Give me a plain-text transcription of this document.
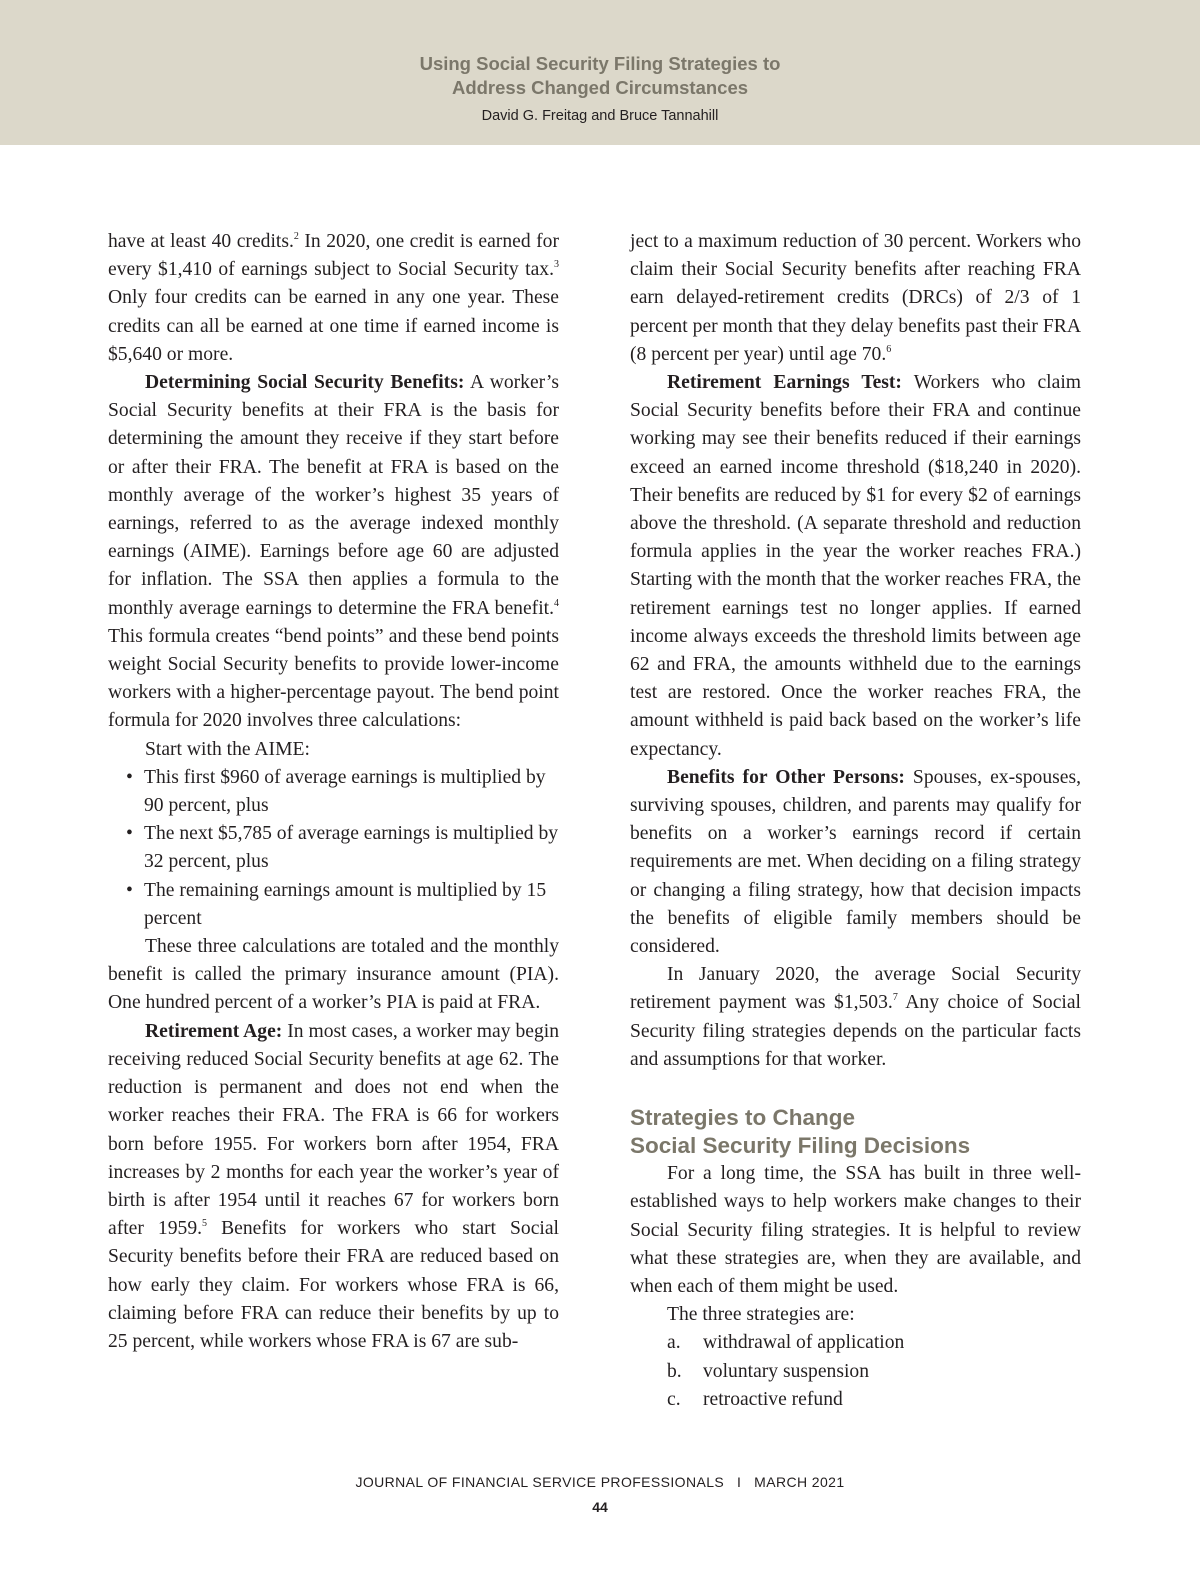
Using Social Security Filing Strategies to
Address Changed Circumstances
David G. Freitag and Bruce Tannahill

have at least 40 credits.$^2$ In 2020, one credit is earned for every $1,410 of earnings subject to Social Security tax.$^3$ Only four credits can be earned in any one year. These credits can all be earned at one time if earned income is $5,640 or more.

Determining Social Security Benefits: A worker’s Social Security benefits at their FRA is the basis for determining the amount they receive if they start before or after their FRA. The benefit at FRA is based on the monthly average of the worker’s highest 35 years of earnings, referred to as the average indexed monthly earnings (AIME). Earnings before age 60 are adjusted for inflation. The SSA then applies a formula to the monthly average earnings to determine the FRA benefit.$^4$ This formula creates “bend points” and these bend points weight Social Security benefits to provide lower-income workers with a higher-percentage payout. The bend point formula for 2020 involves three calculations:

Start with the AIME:
• This first $960 of average earnings is multiplied by 90 percent, plus
• The next $5,785 of average earnings is multiplied by 32 percent, plus
• The remaining earnings amount is multiplied by 15 percent

These three calculations are totaled and the monthly benefit is called the primary insurance amount (PIA). One hundred percent of a worker’s PIA is paid at FRA.

Retirement Age: In most cases, a worker may begin receiving reduced Social Security benefits at age 62. The reduction is permanent and does not end when the worker reaches their FRA. The FRA is 66 for workers born before 1955. For workers born after 1954, FRA increases by 2 months for each year the worker’s year of birth is after 1954 until it reaches 67 for workers born after 1959.$^5$ Benefits for workers who start Social Security benefits before their FRA are reduced based on how early they claim. For workers whose FRA is 66, claiming before FRA can reduce their benefits by up to 25 percent, while workers whose FRA is 67 are sub-

ject to a maximum reduction of 30 percent. Workers who claim their Social Security benefits after reaching FRA earn delayed-retirement credits (DRCs) of 2/3 of 1 percent per month that they delay benefits past their FRA (8 percent per year) until age 70.$^6$

Retirement Earnings Test: Workers who claim Social Security benefits before their FRA and continue working may see their benefits reduced if their earnings exceed an earned income threshold ($18,240 in 2020). Their benefits are reduced by $1 for every $2 of earnings above the threshold. (A separate threshold and reduction formula applies in the year the worker reaches FRA.) Starting with the month that the worker reaches FRA, the retirement earnings test no longer applies. If earned income always exceeds the threshold limits between age 62 and FRA, the amounts withheld due to the earnings test are restored. Once the worker reaches FRA, the amount withheld is paid back based on the worker’s life expectancy.

Benefits for Other Persons: Spouses, ex-spouses, surviving spouses, children, and parents may qualify for benefits on a worker’s earnings record if certain requirements are met. When deciding on a filing strategy or changing a filing strategy, how that decision impacts the benefits of eligible family members should be considered.

In January 2020, the average Social Security retirement payment was $1,503.$^7$ Any choice of Social Security filing strategies depends on the particular facts and assumptions for that worker.

Strategies to Change
Social Security Filing Decisions

For a long time, the SSA has built in three well-established ways to help workers make changes to their Social Security filing strategies. It is helpful to review what these strategies are, when they are available, and when each of them might be used.

The three strategies are:

a. withdrawal of application
b. voluntary suspension
c. retroactive refund
JOURNAL OF FINANCIAL SERVICE PROFESSIONALS   I   MARCH 2021
44
